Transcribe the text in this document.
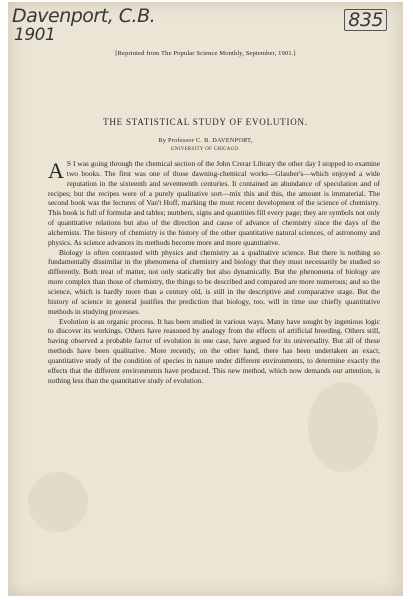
Davenport, C.B.
1901
835
[Reprinted from The Popular Science Monthly, September, 1901.]
THE STATISTICAL STUDY OF EVOLUTION.
By Professor C. B. DAVENPORT,
UNIVERSITY OF CHICAGO.

A S I was going through the chemical section of the John Crerar Library the other day I stopped to examine two books. The first was one of those dawning-chemical works—Glauber's—which enjoyed a wide reputation in the sixteenth and seventeenth centuries. It contained an abundance of speculation and of recipes; but the recipes were of a purely qualitative sort—mix this and this, the amount is immaterial. The second book was the lectures of Van't Hoff, marking the most recent development of the science of chemistry. This book is full of formulæ and tables; numbers, signs and quantities fill every page; they are symbols not only of quantitative relations but also of the direction and cause of advance of chemistry since the days of the alchemists. The history of chemistry is the history of the other quantitative natural sciences, of astronomy and physics. As science advances its methods become more and more quantitative.

Biology is often contrasted with physics and chemistry as a qualitative science. But there is nothing so fundamentally dissimilar in the phenomena of chemistry and biology that they must necessarily be studied so differently. Both treat of matter, not only statically but also dynamically. But the phenomena of biology are more complex than those of chemistry, the things to be described and compared are more numerous; and so the science, which is hardly more than a century old, is still in the descriptive and comparative stage. But the history of science in general justifies the prediction that biology, too, will in time use chiefly quantitative methods in studying processes.

Evolution is an organic process. It has been studied in various ways. Many have sought by ingenious logic to discover its workings. Others have reasoned by analogy from the effects of artificial breeding. Others still, having observed a probable factor of evolution in one case, have argued for its universality. But all of these methods have been qualitative. More recently, on the other hand, there has been undertaken an exact, quantitative study of the condition of species in nature under different environments, to determine exactly the effects that the different environments have produced. This new method, which now demands our attention, is nothing less than the quantitative study of evolution.
